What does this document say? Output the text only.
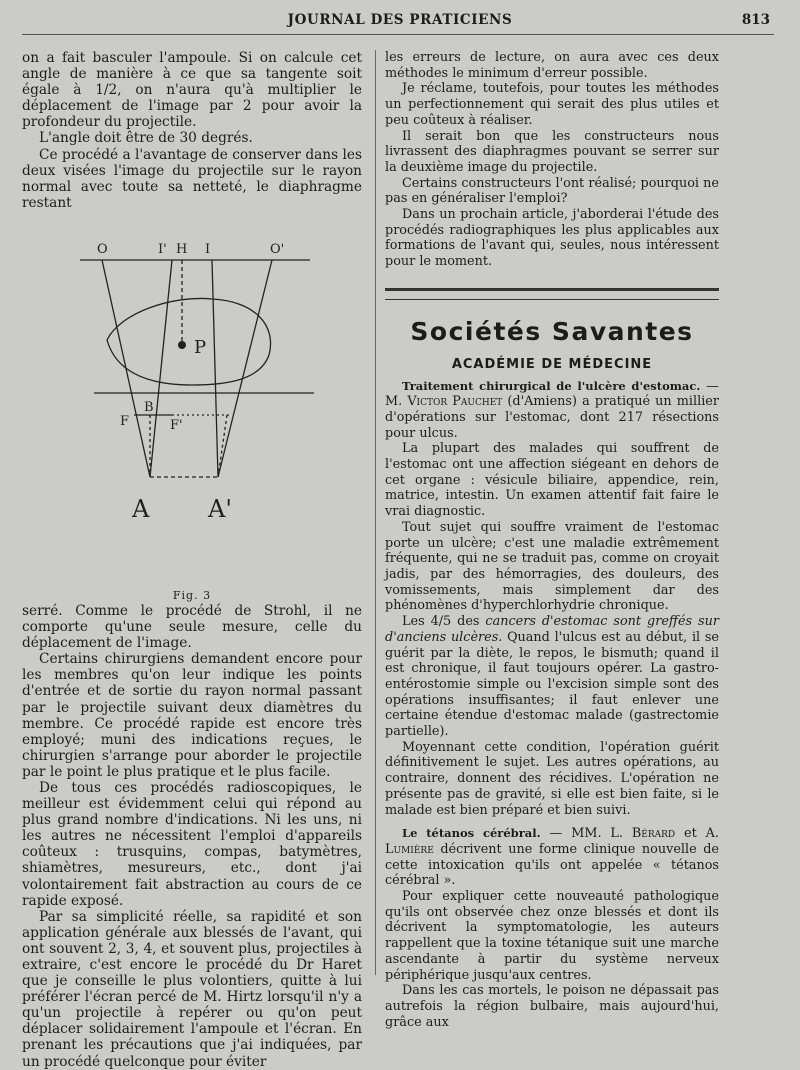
JOURNAL DES PRATICIENS	813

on a fait basculer l'ampoule. Si on calcule cet angle de manière à ce que sa tangente soit égale à 1/2, on n'aura qu'à multiplier le déplacement de l'image par 2 pour avoir la profondeur du projectile.

L'angle doit être de 30 degrés.

Ce procédé a l'avantage de conserver dans les deux visées l'image du projectile sur le rayon normal avec toute sa netteté, le diaphragme restant

O	I' H I	O'
P
B
F	F'
A A'
Fig. 3

serré. Comme le procédé de Strohl, il ne comporte qu'une seule mesure, celle du déplacement de l'image.

Certains chirurgiens demandent encore pour les membres qu'on leur indique les points d'entrée et de sortie du rayon normal passant par le projectile suivant deux diamètres du membre. Ce procédé rapide est encore très employé; muni des indications reçues, le chirurgien s'arrange pour aborder le projectile par le point le plus pratique et le plus facile.

De tous ces procédés radioscopiques, le meilleur est évidemment celui qui répond au plus grand nombre d'indications. Ni les uns, ni les autres ne nécessitent l'emploi d'appareils coûteux : trusquins, compas, batymètres, shiamètres, mesureurs, etc., dont j'ai volontairement fait abstraction au cours de ce rapide exposé.

Par sa simplicité réelle, sa rapidité et son application générale aux blessés de l'avant, qui ont souvent 2, 3, 4, et souvent plus, projectiles à extraire, c'est encore le procédé du Dr Haret que je conseille le plus volontiers, quitte à lui préférer l'écran percé de M. Hirtz lorsqu'il n'y a qu'un projectile à repérer ou qu'on peut déplacer solidairement l'ampoule et l'écran. En prenant les précautions que j'ai indiquées, par un procédé quelconque pour éviter

les erreurs de lecture, on aura avec ces deux méthodes le minimum d'erreur possible.

Je réclame, toutefois, pour toutes les méthodes un perfectionnement qui serait des plus utiles et peu coûteux à réaliser.

Il serait bon que les constructeurs nous livrassent des diaphragmes pouvant se serrer sur la deuxième image du projectile.

Certains constructeurs l'ont réalisé; pourquoi ne pas en généraliser l'emploi?

Dans un prochain article, j'aborderai l'étude des procédés radiographiques les plus applicables aux formations de l'avant qui, seules, nous intéressent pour le moment.

Sociétés Savantes
ACADÉMIE DE MÉDECINE

Traitement chirurgical de l'ulcère d'estomac. — M. Victor Pauchet (d'Amiens) a pratiqué un millier d'opérations sur l'estomac, dont 217 résections pour ulcus.

La plupart des malades qui souffrent de l'estomac ont une affection siégeant en dehors de cet organe : vésicule biliaire, appendice, rein, matrice, intestin. Un examen attentif fait faire le vrai diagnostic.

Tout sujet qui souffre vraiment de l'estomac porte un ulcère; c'est une maladie extrêmement fréquente, qui ne se traduit pas, comme on croyait jadis, par des hémorragies, des douleurs, des vomissements, mais simplement dar des phénomènes d'hyperchlorhydrie chronique.

Les 4/5 des cancers d'estomac sont greffés sur d'anciens ulcères. Quand l'ulcus est au début, il se guérit par la diète, le repos, le bismuth; quand il est chronique, il faut toujours opérer. La gastro-entérostomie simple ou l'excision simple sont des opérations insuffisantes; il faut enlever une certaine étendue d'estomac malade (gastrectomie partielle).

Moyennant cette condition, l'opération guérit définitivement le sujet. Les autres opérations, au contraire, donnent des récidives. L'opération ne présente pas de gravité, si elle est bien faite, si le malade est bien préparé et bien suivi.

Le tétanos cérébral. — MM. L. Bérard et A. Lumière décrivent une forme clinique nouvelle de cette intoxication qu'ils ont appelée « tétanos cérébral ».

Pour expliquer cette nouveauté pathologique qu'ils ont observée chez onze blessés et dont ils décrivent la symptomatologie, les auteurs rappellent que la toxine tétanique suit une marche ascendante à partir du système nerveux périphérique jusqu'aux centres.

Dans les cas mortels, le poison ne dépassait pas autrefois la région bulbaire, mais aujourd'hui, grâce aux
